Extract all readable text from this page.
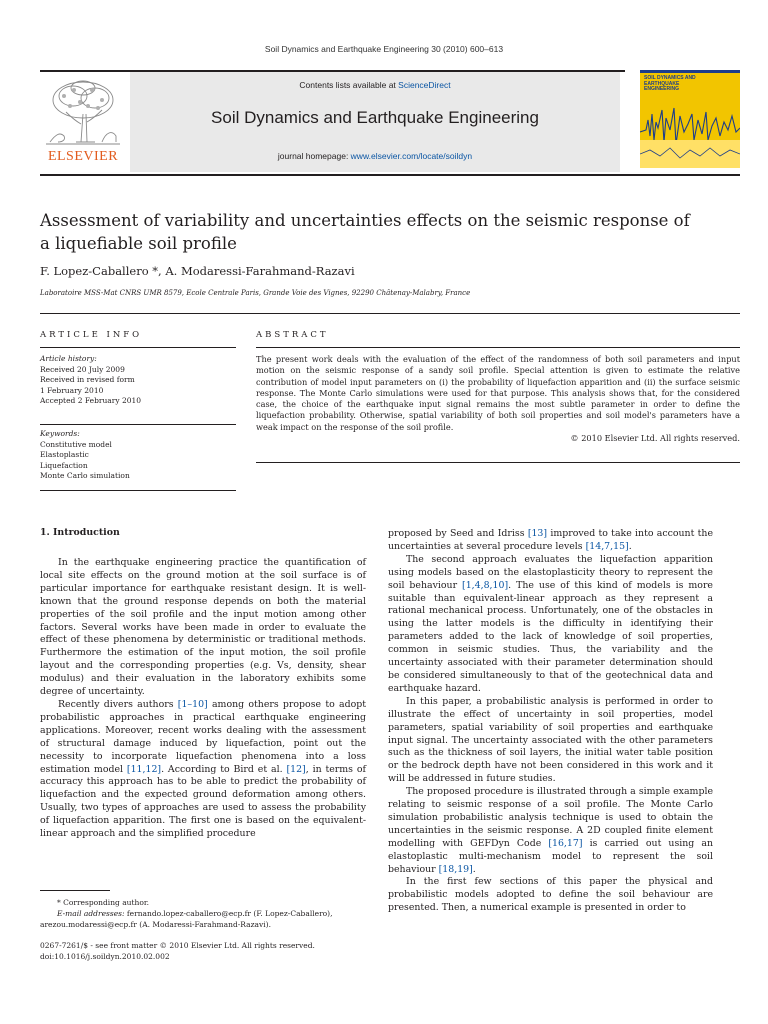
Soil Dynamics and Earthquake Engineering 30 (2010) 600–613
Contents lists available at ScienceDirect
Soil Dynamics and Earthquake Engineering
journal homepage: www.elsevier.com/locate/soildyn
ELSEVIER
SOIL DYNAMICS AND EARTHQUAKE ENGINEERING
Assessment of variability and uncertainties effects on the seismic response of
a liquefiable soil profile
F. Lopez-Caballero *, A. Modaressi-Farahmand-Razavi
Laboratoire MSS-Mat CNRS UMR 8579, Ecole Centrale Paris, Grande Voie des Vignes, 92290 Châtenay-Malabry, France
ARTICLE INFO	ABSTRACT
Article history:
Received 20 July 2009
Received in revised form
1 February 2010
Accepted 2 February 2010
Keywords:
Constitutive model
Elastoplastic
Liquefaction
Monte Carlo simulation
The present work deals with the evaluation of the effect of the randomness of both soil parameters and input motion on the seismic response of a sandy soil profile. Special attention is given to estimate the relative contribution of model input parameters on (i) the probability of liquefaction apparition and (ii) the surface seismic response. The Monte Carlo simulations were used for that purpose. This analysis shows that, for the considered case, the choice of the earthquake input signal remains the most subtle parameter in order to define the liquefaction probability. Otherwise, spatial variability of both soil properties and soil model's parameters have a weak impact on the response of the soil profile.
© 2010 Elsevier Ltd. All rights reserved.
1. Introduction

In the earthquake engineering practice the quantification of local site effects on the ground motion at the soil surface is of particular importance for earthquake resistant design. It is well-known that the ground response depends on both the material properties of the soil profile and the input motion among other factors. Several works have been made in order to evaluate the effect of these phenomena by deterministic or traditional methods. Furthermore the estimation of the input motion, the soil profile layout and the corresponding properties (e.g. Vs, density, shear modulus) and their evaluation in the laboratory exhibits some degree of uncertainty.

Recently divers authors [1–10] among others propose to adopt probabilistic approaches in practical earthquake engineering applications. Moreover, recent works dealing with the assessment of structural damage induced by liquefaction, point out the necessity to incorporate liquefaction phenomena into a loss estimation model [11,12]. According to Bird et al. [12], in terms of accuracy this approach has to be able to predict the probability of liquefaction and the expected ground deformation among others. Usually, two types of approaches are used to assess the probability of liquefaction apparition. The first one is based on the equivalent-linear approach and the simplified procedure

proposed by Seed and Idriss [13] improved to take into account the uncertainties at several procedure levels [14,7,15].

The second approach evaluates the liquefaction apparition using models based on the elastoplasticity theory to represent the soil behaviour [1,4,8,10]. The use of this kind of models is more suitable than equivalent-linear approach as they represent a rational mechanical process. Unfortunately, one of the obstacles in using the latter models is the difficulty in identifying their parameters added to the lack of knowledge of soil properties, common in seismic studies. Thus, the variability and the uncertainty associated with their parameter determination should be considered simultaneously to that of the geotechnical data and earthquake hazard.

In this paper, a probabilistic analysis is performed in order to illustrate the effect of uncertainty in soil properties, model parameters, spatial variability of soil properties and earthquake input signal. The uncertainty associated with the other parameters such as the thickness of soil layers, the initial water table position or the bedrock depth have not been considered in this work and it will be addressed in future studies.

The proposed procedure is illustrated through a simple example relating to seismic response of a soil profile. The Monte Carlo simulation probabilistic analysis technique is used to obtain the uncertainties in the seismic response. A 2D coupled finite element modelling with GEFDyn Code [16,17] is carried out using an elastoplastic multi-mechanism model to represent the soil behaviour [18,19].

In the first few sections of this paper the physical and probabilistic models adopted to define the soil behaviour are presented. Then, a numerical example is presented in order to

* Corresponding author.
E-mail addresses: fernando.lopez-caballero@ecp.fr (F. Lopez-Caballero),
arezou.modaressi@ecp.fr (A. Modaressi-Farahmand-Razavi).
0267-7261/$ - see front matter © 2010 Elsevier Ltd. All rights reserved.
doi:10.1016/j.soildyn.2010.02.002
